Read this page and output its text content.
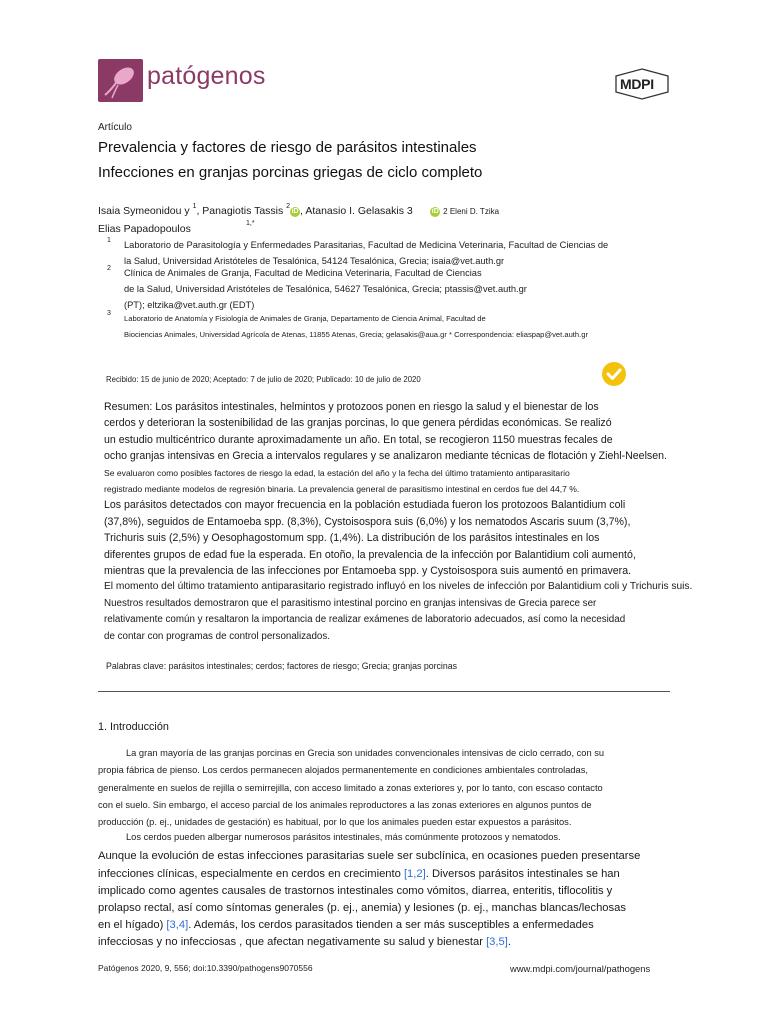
patógenos	MDPI
Artículo
Prevalencia y factores de riesgo de parásitos intestinales
Infecciones en granjas porcinas griegas de ciclo completo
Isaia Symeonidou y $^1$, Panagiotis Tassis $^2$iD , Atanasio I. Gelasakis 3	iD 2 Eleni D. Tzika
Elias Papadopoulos	1,*
1 Laboratorio de Parasitología y Enfermedades Parasitarias, Facultad de Medicina Veterinaria, Facultad de Ciencias de
la Salud, Universidad Aristóteles de Tesalónica, 54124 Tesalónica, Grecia; isaia@vet.auth.gr
2 Clínica de Animales de Granja, Facultad de Medicina Veterinaria, Facultad de Ciencias
de la Salud, Universidad Aristóteles de Tesalónica, 54627 Tesalónica, Grecia; ptassis@vet.auth.gr
(PT); eltzika@vet.auth.gr (EDT)
3
Laboratorio de Anatomía y Fisiología de Animales de Granja, Departamento de Ciencia Animal, Facultad de
Biociencias Animales, Universidad Agrícola de Atenas, 11855 Atenas, Grecia; gelasakis@aua.gr * Correspondencia: eliaspap@vet.auth.gr
Recibido: 15 de junio de 2020; Aceptado: 7 de julio de 2020; Publicado: 10 de julio de 2020
Resumen: Los parásitos intestinales, helmintos y protozoos ponen en riesgo la salud y el bienestar de los
cerdos y deterioran la sostenibilidad de las granjas porcinas, lo que genera pérdidas económicas. Se realizó
un estudio multicéntrico durante aproximadamente un año. En total, se recogieron 1150 muestras fecales de
ocho granjas intensivas en Grecia a intervalos regulares y se analizaron mediante técnicas de flotación y Ziehl-Neelsen.
Se evaluaron como posibles factores de riesgo la edad, la estación del año y la fecha del último tratamiento antiparasitario
registrado mediante modelos de regresión binaria. La prevalencia general de parasitismo intestinal en cerdos fue del 44,7 %.
Los parásitos detectados con mayor frecuencia en la población estudiada fueron los protozoos Balantidium coli
(37,8%), seguidos de Entamoeba spp. (8,3%), Cystoisospora suis (6,0%) y los nematodos Ascaris suum (3,7%),
Trichuris suis (2,5%) y Oesophagostomum spp. (1,4%). La distribución de los parásitos intestinales en los
diferentes grupos de edad fue la esperada. En otoño, la prevalencia de la infección por Balantidium coli aumentó,
mientras que la prevalencia de las infecciones por Entamoeba spp. y Cystoisospora suis aumentó en primavera.
El momento del último tratamiento antiparasitario registrado influyó en los niveles de infección por Balantidium coli y Trichuris suis.
Nuestros resultados demostraron que el parasitismo intestinal porcino en granjas intensivas de Grecia parece ser
relativamente común y resaltaron la importancia de realizar exámenes de laboratorio adecuados, así como la necesidad
de contar con programas de control personalizados.
Palabras clave: parásitos intestinales; cerdos; factores de riesgo; Grecia; granjas porcinas
1. Introducción
La gran mayoría de las granjas porcinas en Grecia son unidades convencionales intensivas de ciclo cerrado, con su
propia fábrica de pienso. Los cerdos permanecen alojados permanentemente en condiciones ambientales controladas,
generalmente en suelos de rejilla o semirrejilla, con acceso limitado a zonas exteriores y, por lo tanto, con escaso contacto
con el suelo. Sin embargo, el acceso parcial de los animales reproductores a las zonas exteriores en algunos puntos de
producción (p. ej., unidades de gestación) es habitual, por lo que los animales pueden estar expuestos a parásitos.
Los cerdos pueden albergar numerosos parásitos intestinales, más comúnmente protozoos y nematodos.
Aunque la evolución de estas infecciones parasitarias suele ser subclínica, en ocasiones pueden presentarse
infecciones clínicas, especialmente en cerdos en crecimiento [1,2]. Diversos parásitos intestinales se han
implicado como agentes causales de trastornos intestinales como vómitos, diarrea, enteritis, tiflocolitis y
prolapso rectal, así como síntomas generales (p. ej., anemia) y lesiones (p. ej., manchas blancas/lechosas
en el hígado) [3,4]. Además, los cerdos parasitados tienden a ser más susceptibles a enfermedades
infecciosas y no infecciosas , que afectan negativamente su salud y bienestar [3,5].
Patógenos 2020, 9, 556; doi:10.3390/pathogens9070556	www.mdpi.com/journal/pathogens
